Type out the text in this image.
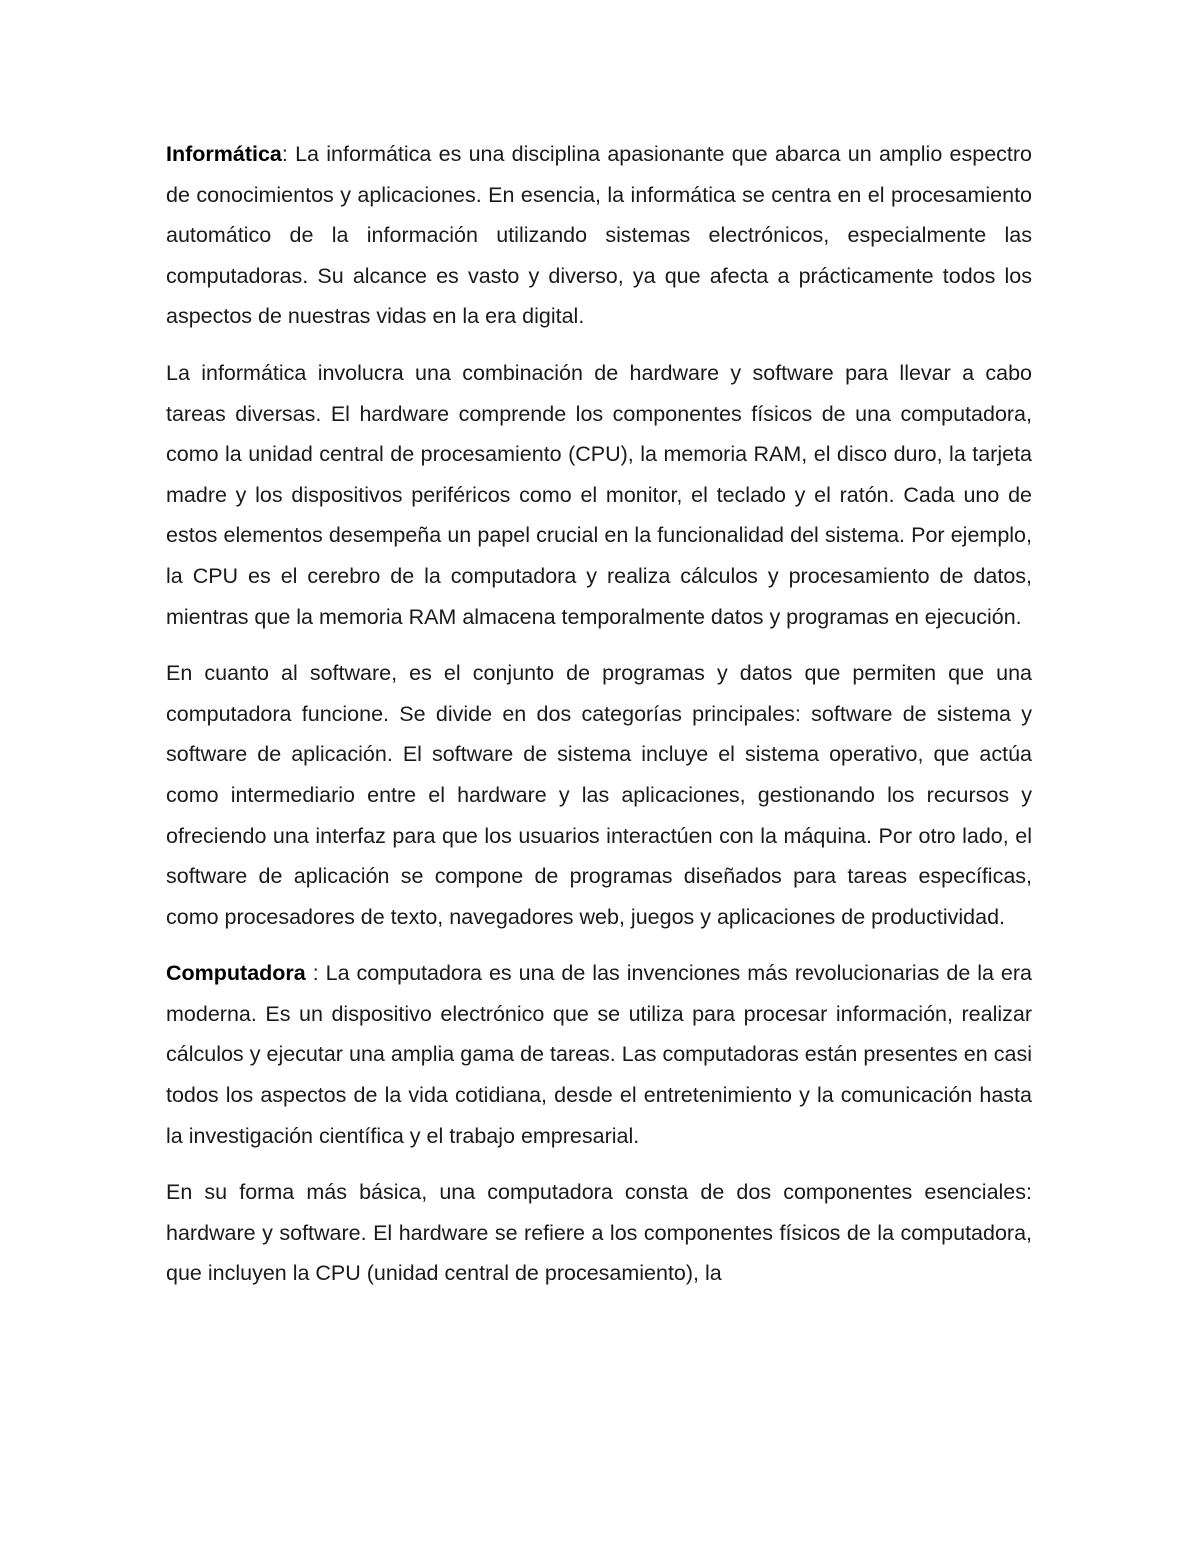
Informática: La informática es una disciplina apasionante que abarca un amplio espectro de conocimientos y aplicaciones. En esencia, la informática se centra en el procesamiento automático de la información utilizando sistemas electrónicos, especialmente las computadoras. Su alcance es vasto y diverso, ya que afecta a prácticamente todos los aspectos de nuestras vidas en la era digital.

La informática involucra una combinación de hardware y software para llevar a cabo tareas diversas. El hardware comprende los componentes físicos de una computadora, como la unidad central de procesamiento (CPU), la memoria RAM, el disco duro, la tarjeta madre y los dispositivos periféricos como el monitor, el teclado y el ratón. Cada uno de estos elementos desempeña un papel crucial en la funcionalidad del sistema. Por ejemplo, la CPU es el cerebro de la computadora y realiza cálculos y procesamiento de datos, mientras que la memoria RAM almacena temporalmente datos y programas en ejecución.

En cuanto al software, es el conjunto de programas y datos que permiten que una computadora funcione. Se divide en dos categorías principales: software de sistema y software de aplicación. El software de sistema incluye el sistema operativo, que actúa como intermediario entre el hardware y las aplicaciones, gestionando los recursos y ofreciendo una interfaz para que los usuarios interactúen con la máquina. Por otro lado, el software de aplicación se compone de programas diseñados para tareas específicas, como procesadores de texto, navegadores web, juegos y aplicaciones de productividad.

Computadora : La computadora es una de las invenciones más revolucionarias de la era moderna. Es un dispositivo electrónico que se utiliza para procesar información, realizar cálculos y ejecutar una amplia gama de tareas. Las computadoras están presentes en casi todos los aspectos de la vida cotidiana, desde el entretenimiento y la comunicación hasta la investigación científica y el trabajo empresarial.

En su forma más básica, una computadora consta de dos componentes esenciales: hardware y software. El hardware se refiere a los componentes físicos de la computadora, que incluyen la CPU (unidad central de procesamiento), la
